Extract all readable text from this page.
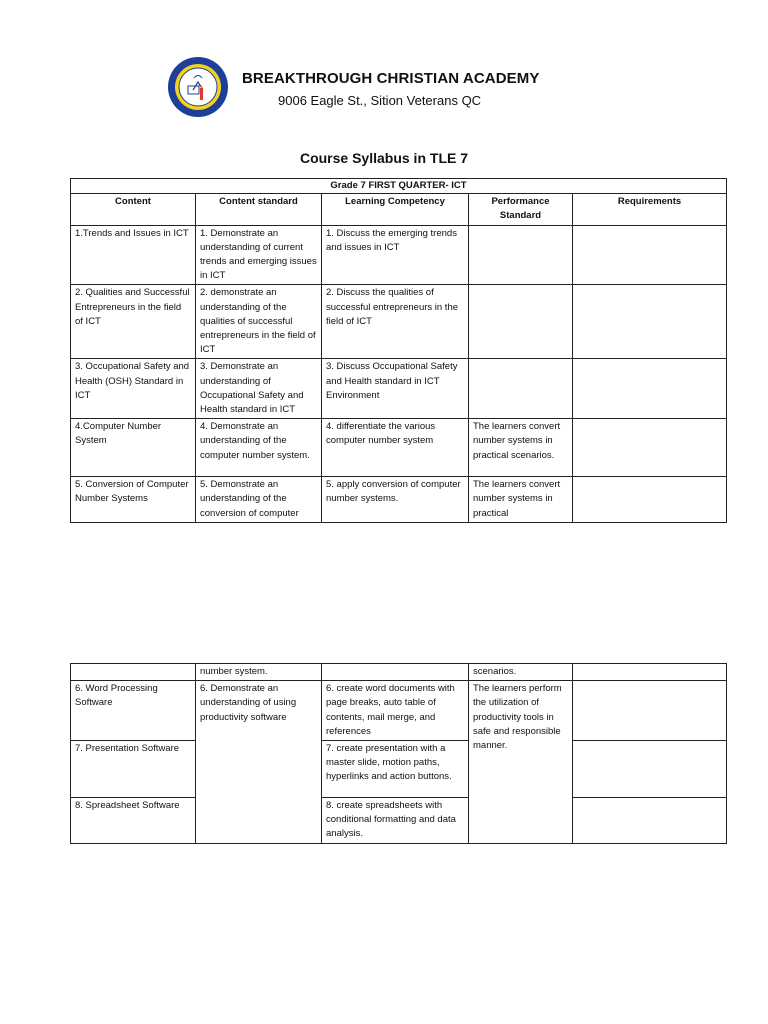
BREAKTHROUGH CHRISTIAN ACADEMY
9006 Eagle St., Sition Veterans QC
Course Syllabus in TLE 7
Grade 7 FIRST QUARTER- ICT				
Content	Content standard	Learning Competency	Performance Standard	Requirements
1.Trends and Issues in ICT	1. Demonstrate an understanding of current trends and emerging issues in ICT	1. Discuss the emerging trends and issues in ICT		
2. Qualities and Successful Entrepreneurs in the field of ICT	2. demonstrate an understanding of the qualities of successful entrepreneurs in the field of ICT	2. Discuss the qualities of successful entrepreneurs in the field of ICT		
3. Occupational Safety and Health (OSH) Standard in ICT	3. Demonstrate an understanding of Occupational Safety and Health standard in ICT	3. Discuss Occupational Safety and Health standard in ICT Environment		
4.Computer Number System	4. Demonstrate an understanding of the computer number system.	4. differentiate the various computer number system	The learners convert number systems in practical scenarios.	
5. Conversion of Computer Number Systems	5. Demonstrate an understanding of the conversion of computer	5. apply conversion of computer number systems.	The learners convert number systems in practical	
	number system.		scenarios.	
6. Word Processing Software	6. Demonstrate an understanding of using productivity software	6. create word documents with page breaks, auto table of contents, mail merge, and references	The learners perform the utilization of productivity tools in safe and responsible manner.	
7. Presentation Software		7. create presentation with a master slide, motion paths, hyperlinks and action buttons.		
8. Spreadsheet Software		8. create spreadsheets with conditional formatting and data analysis.		
